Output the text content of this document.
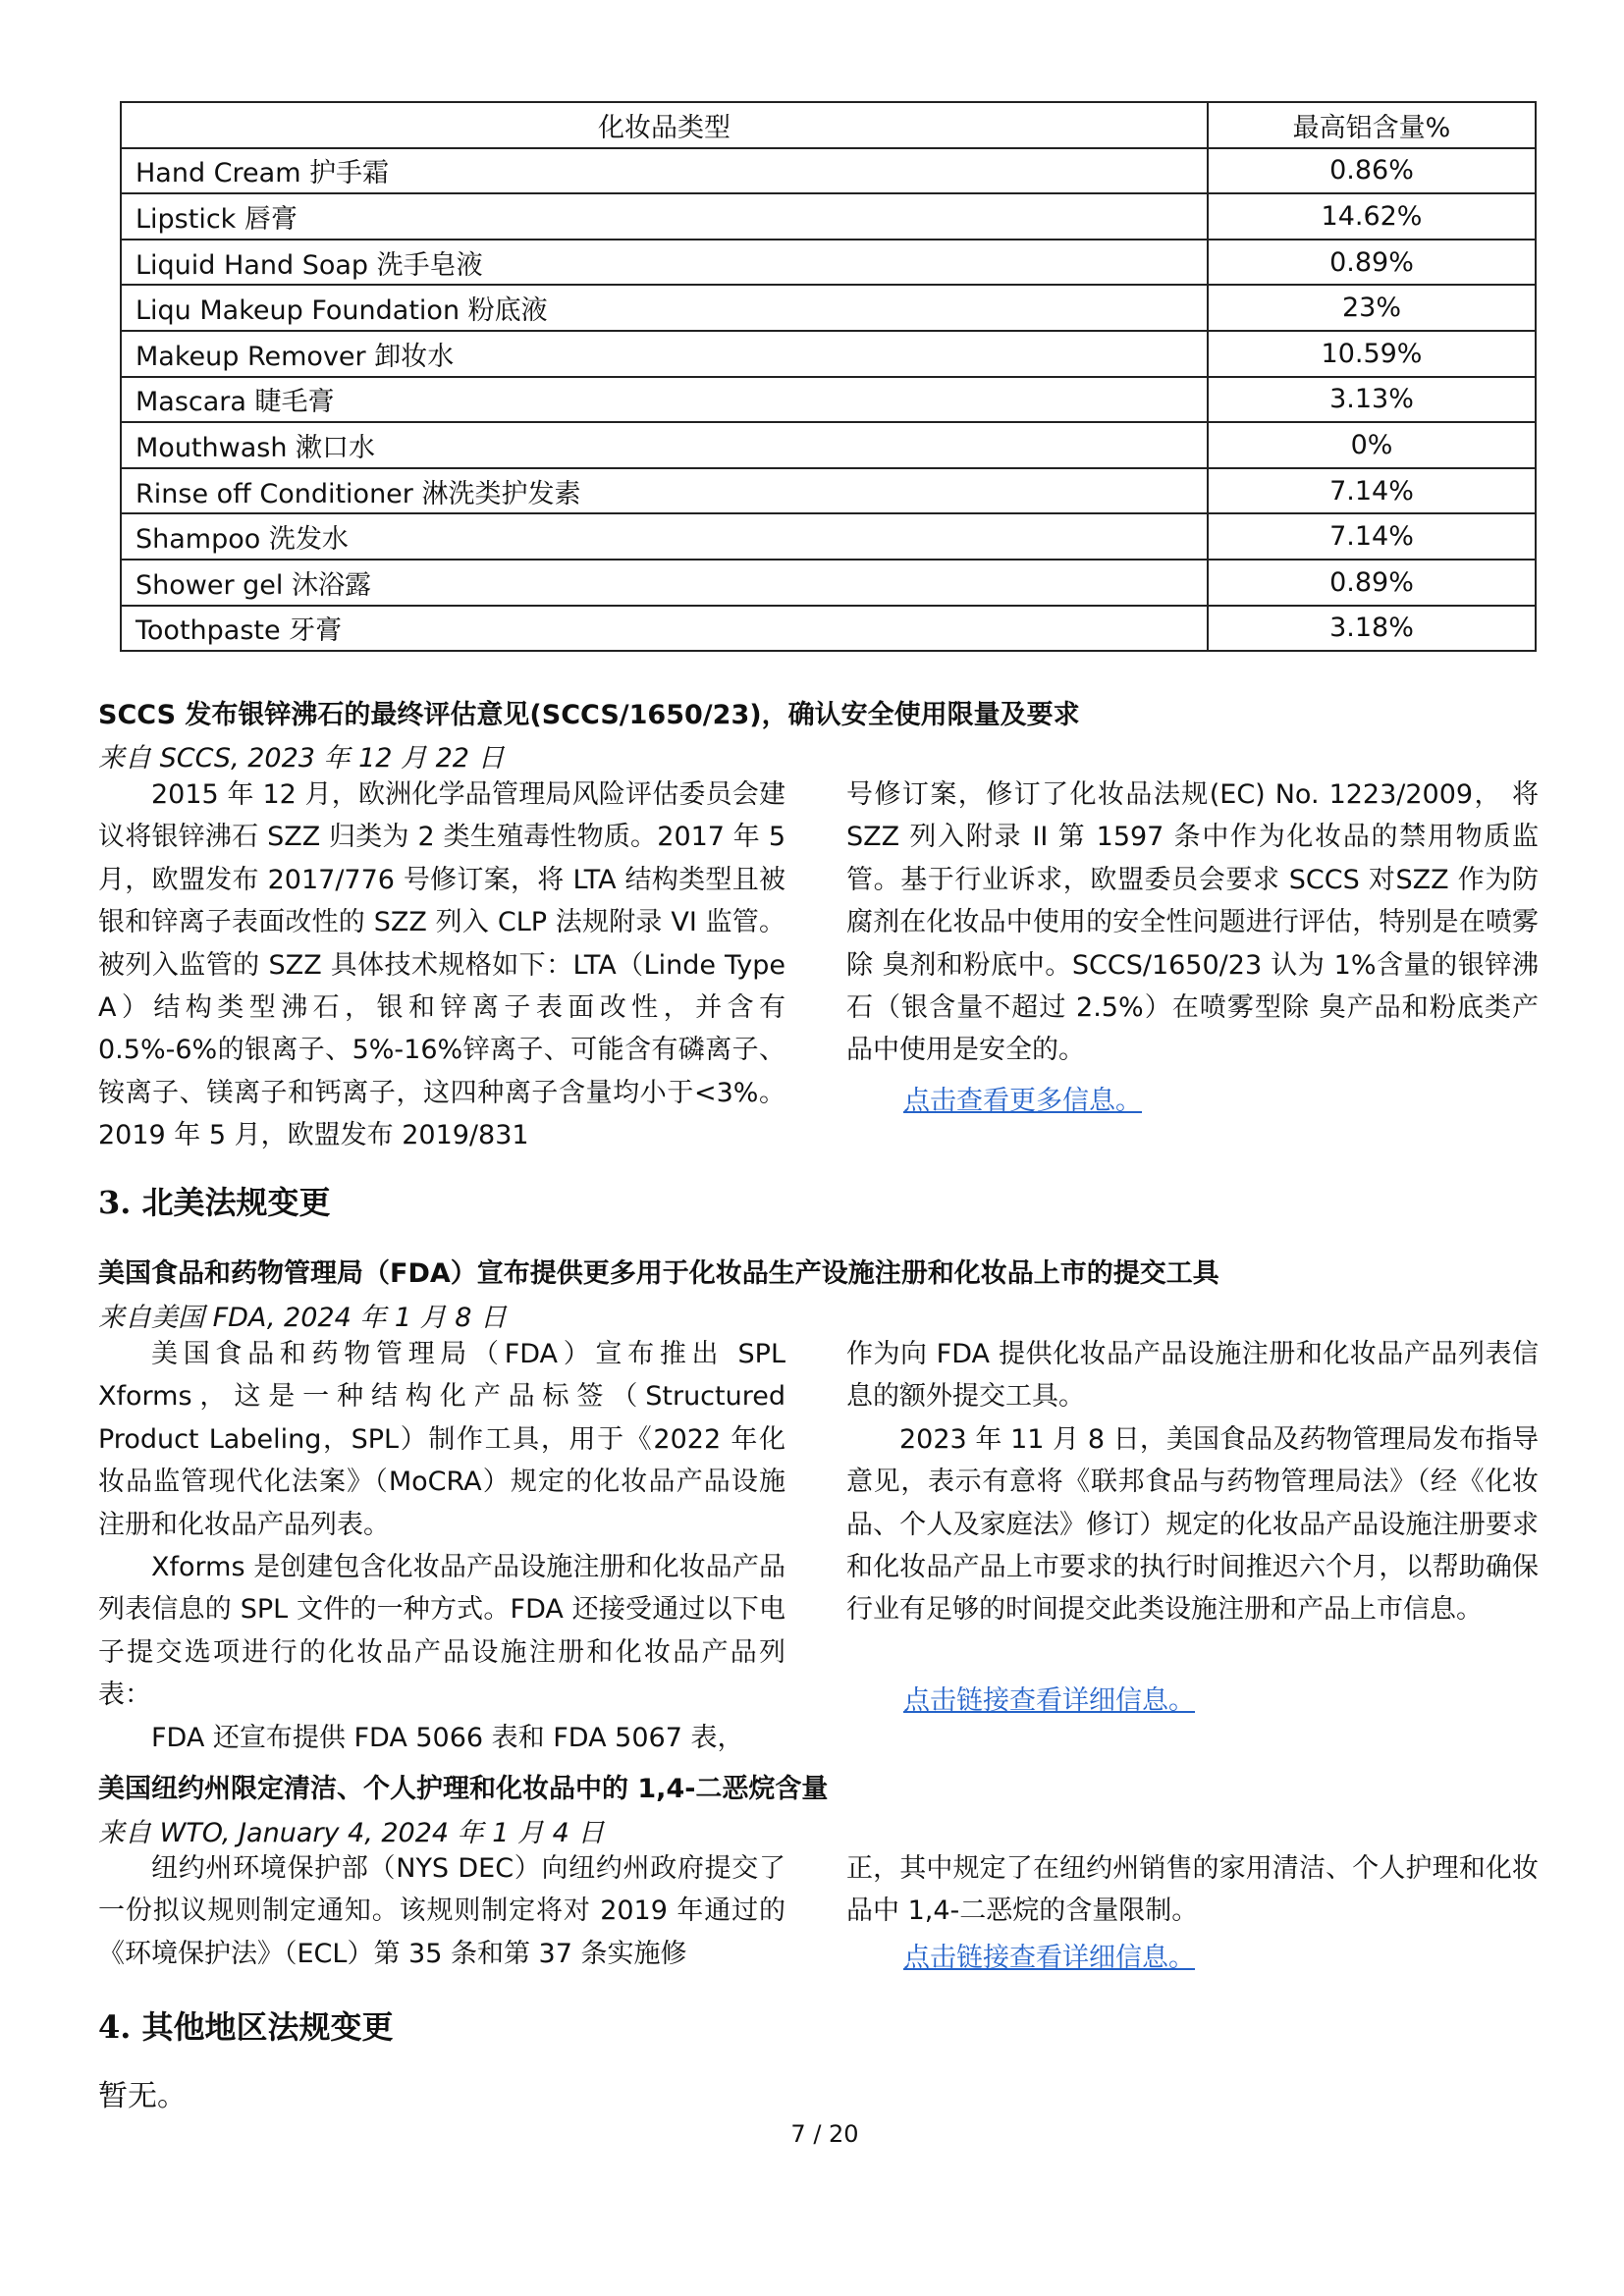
化妆品类型	最高铝含量%
Hand Cream 护手霜	0.86%
Lipstick 唇膏	14.62%
Liquid Hand Soap 洗手皂液	0.89%
Liqu Makeup Foundation 粉底液	23%
Makeup Remover 卸妆水	10.59%
Mascara 睫毛膏	3.13%
Mouthwash 漱口水	0%
Rinse off Conditioner 淋洗类护发素	7.14%
Shampoo 洗发水	7.14%
Shower gel 沐浴露	0.89%
Toothpaste 牙膏	3.18%
SCCS 发布银锌沸石的最终评估意见(SCCS/1650/23)，确认安全使用限量及要求
来自 SCCS, 2023 年 12 月 22 日

2015 年 12 月，欧洲化学品管理局风险评估委员会建议将银锌沸石 SZZ 归类为 2 类生殖毒性物质。2017 年 5 月，欧盟发布 2017/776 号修订案，将 LTA 结构类型且被银和锌离子表面改性的 SZZ 列入 CLP 法规附录 VI 监管。被列入监管的 SZZ 具体技术规格如下：LTA（Linde Type A）结构类型沸石，银和锌离子表面改性，并含有 0.5%-6%的银离子、5%-16%锌离子、可能含有磷离子、铵离子、镁离子和钙离子，这四种离子含量均小于<3%。2019 年 5 月，欧盟发布 2019/831

号修订案，修订了化妆品法规(EC) No. 1223/2009， 将 SZZ 列入附录 II 第 1597 条中作为化妆品的禁用物质监管。基于行业诉求，欧盟委员会要求 SCCS 对SZZ 作为防腐剂在化妆品中使用的安全性问题进行评估，特别是在喷雾除 臭剂和粉底中。SCCS/1650/23 认为 1%含量的银锌沸石（银含量不超过 2.5%）在喷雾型除 臭产品和粉底类产品中使用是安全的。

点击查看更多信息。
3. 北美法规变更
美国食品和药物管理局（FDA）宣布提供更多用于化妆品生产设施注册和化妆品上市的提交工具
来自美国 FDA, 2024 年 1 月 8 日

美国食品和药物管理局（FDA）宣布推出 SPL Xforms，这是一种结构化产品标签（Structured Product Labeling，SPL）制作工具，用于《2022 年化妆品监管现代化法案》（MoCRA）规定的化妆品产品设施注册和化妆品产品列表。

Xforms 是创建包含化妆品产品设施注册和化妆品产品列表信息的 SPL 文件的一种方式。FDA 还接受通过以下电子提交选项进行的化妆品产品设施注册和化妆品产品列表：

FDA 还宣布提供 FDA 5066 表和 FDA 5067 表，

作为向 FDA 提供化妆品产品设施注册和化妆品产品列表信息的额外提交工具。

2023 年 11 月 8 日，美国食品及药物管理局发布指导意见，表示有意将《联邦食品与药物管理局法》（经《化妆品、个人及家庭法》修订）规定的化妆品产品设施注册要求和化妆品产品上市要求的执行时间推迟六个月，以帮助确保行业有足够的时间提交此类设施注册和产品上市信息。

点击链接查看详细信息。
美国纽约州限定清洁、个人护理和化妆品中的 1,4-二恶烷含量
来自 WTO, January 4, 2024 年 1 月 4 日

纽约州环境保护部（NYS DEC）向纽约州政府提交了一份拟议规则制定通知。该规则制定将对 2019 年通过的《环境保护法》（ECL）第 35 条和第 37 条实施修

正，其中规定了在纽约州销售的家用清洁、个人护理和化妆品中 1,4-二恶烷的含量限制。

点击链接查看详细信息。
4. 其他地区法规变更
暂无。
7 / 20
